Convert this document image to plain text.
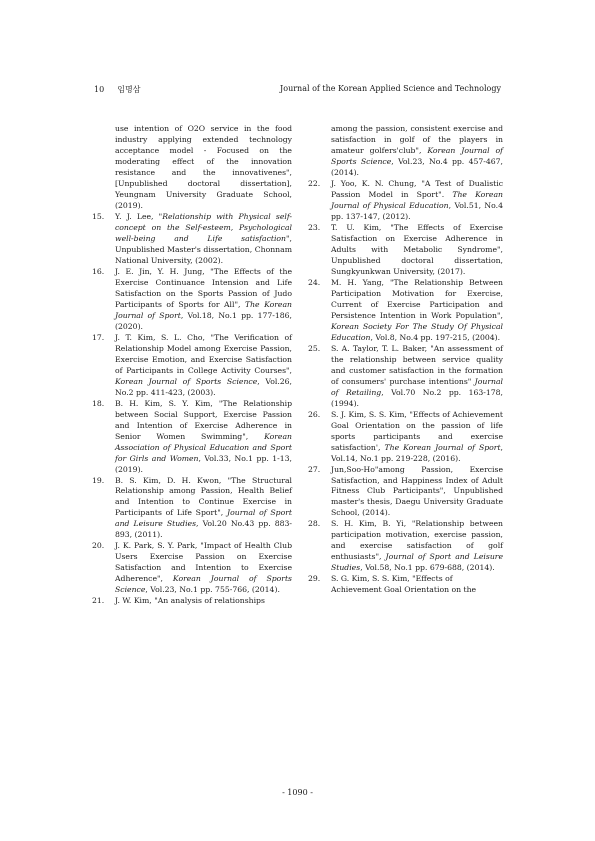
10 임명삼	Journal of the Korean Applied Science and Technology
use intention of O2O service in the food industry applying extended technology acceptance model - Focused on the moderating effect of the innovation resistance and the innovativenes", [Unpublished doctoral dissertation], Yeungnam University Graduate School, (2019).
15.	Y. J. Lee, "Relationship with Physical self-concept on the Self-esteem, Psychological well-being and Life satisfaction", Unpublished Master's dissertation, Chonnam National University, (2002).
16.	J. E. Jin, Y. H. Jung, "The Effects of the Exercise Continuance Intension and Life Satisfaction on the Sports Passion of Judo Participants of Sports for All", The Korean Journal of Sport, Vol.18, No.1 pp. 177-186, (2020).
17.	J. T. Kim, S. L. Cho, "The Verification of Relationship Model among Exercise Passion, Exercise Emotion, and Exercise Satisfaction of Participants in College Activity Courses", Korean Journal of Sports Science, Vol.26, No.2 pp. 411-423, (2003).
18.	B. H. Kim, S. Y. Kim, "The Relationship between Social Support, Exercise Passion and Intention of Exercise Adherence in Senior Women Swimming", Korean Association of Physical Education and Sport for Girls and Women, Vol.33, No.1 pp. 1-13, (2019).
19.	B. S. Kim, D. H. Kwon, "The Structural Relationship among Passion, Health Belief and Intention to Continue Exercise in Participants of Life Sport", Journal of Sport and Leisure Studies, Vol.20 No.43 pp. 883-893, (2011).
20.	J. K. Park, S. Y. Park, "Impact of Health Club Users Exercise Passion on Exercise Satisfaction and Intention to Exercise Adherence", Korean Journal of Sports Science, Vol.23, No.1 pp. 755-766, (2014).
21.	J. W. Kim, "An analysis of relationships
among the passion, consistent exercise and satisfaction in golf of the players in amateur golfers'club", Korean Journal of Sports Science, Vol.23, No.4 pp. 457-467, (2014).
22.	J. Yoo, K. N. Chung, "A Test of Dualistic Passion Model in Sport". The Korean Journal of Physical Education, Vol.51, No.4 pp. 137-147, (2012).
23.	T. U. Kim, "The Effects of Exercise Satisfaction on Exercise Adherence in Adults with Metabolic Syndrome", Unpublished doctoral dissertation, Sungkyunkwan University, (2017).
24.	M. H. Yang, "The Relationship Between Participation Motivation for Exercise, Current of Exercise Participation and Persistence Intention in Work Population", Korean Society For The Study Of Physical Education, Vol.8, No.4 pp. 197-215, (2004).
25.	S. A. Taylor, T. L. Baker, "An assessment of the relationship between service quality and customer satisfaction in the formation of consumers' purchase intentions" Journal of Retailing, Vol.70 No.2 pp. 163-178, (1994).
26.	S. J. Kim, S. S. Kim, "Effects of Achievement Goal Orientation on the passion of life sports participants and exercise satisfaction', The Korean Journal of Sport, Vol.14, No.1 pp. 219-228, (2016).
27.	Jun,Soo-Ho"among Passion, Exercise Satisfaction, and Happiness Index of Adult Fitness Club Participants", Unpublished master's thesis, Daegu University Graduate School, (2014).
28.	S. H. Kim, B. Yi, "Relationship between participation motivation, exercise passion, and exercise satisfaction of golf enthusiasts", Journal of Sport and Leisure Studies, Vol.58, No.1 pp. 679-688, (2014).
29.	S. G. Kim, S. S. Kim, "Effects of Achievement Goal Orientation on the
- 1090 -
